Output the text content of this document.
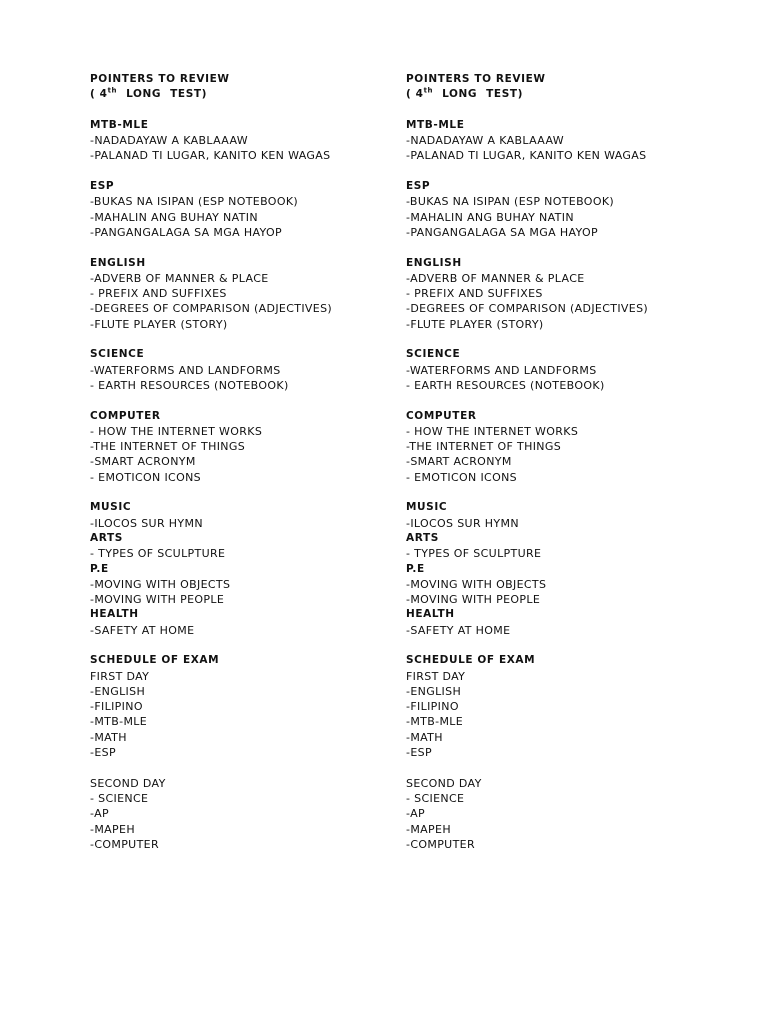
POINTERS TO REVIEW
( 4th LONG TEST)
MTB-MLE
-NADADAYAW A KABLAAAW
-PALANAD TI LUGAR, KANITO KEN WAGAS
ESP
-BUKAS NA ISIPAN (ESP NOTEBOOK)
-MAHALIN ANG BUHAY NATIN
-PANGANGALAGA SA MGA HAYOP
ENGLISH
-ADVERB OF MANNER & PLACE
- PREFIX AND SUFFIXES
-DEGREES OF COMPARISON (ADJECTIVES)
-FLUTE PLAYER (STORY)
SCIENCE
-WATERFORMS AND LANDFORMS
- EARTH RESOURCES (NOTEBOOK)
COMPUTER
- HOW THE INTERNET WORKS
-THE INTERNET OF THINGS
-SMART ACRONYM
- EMOTICON ICONS
MUSIC
-ILOCOS SUR HYMN
ARTS
- TYPES OF SCULPTURE
P.E
-MOVING WITH OBJECTS
-MOVING WITH PEOPLE
HEALTH
-SAFETY AT HOME
SCHEDULE OF EXAM
FIRST DAY
-ENGLISH
-FILIPINO
-MTB-MLE
-MATH
-ESP
SECOND DAY
- SCIENCE
-AP
-MAPEH
-COMPUTER
POINTERS TO REVIEW
( 4th LONG TEST)
MTB-MLE
-NADADAYAW A KABLAAAW
-PALANAD TI LUGAR, KANITO KEN WAGAS
ESP
-BUKAS NA ISIPAN (ESP NOTEBOOK)
-MAHALIN ANG BUHAY NATIN
-PANGANGALAGA SA MGA HAYOP
ENGLISH
-ADVERB OF MANNER & PLACE
- PREFIX AND SUFFIXES
-DEGREES OF COMPARISON (ADJECTIVES)
-FLUTE PLAYER (STORY)
SCIENCE
-WATERFORMS AND LANDFORMS
- EARTH RESOURCES (NOTEBOOK)
COMPUTER
- HOW THE INTERNET WORKS
-THE INTERNET OF THINGS
-SMART ACRONYM
- EMOTICON ICONS
MUSIC
-ILOCOS SUR HYMN
ARTS
- TYPES OF SCULPTURE
P.E
-MOVING WITH OBJECTS
-MOVING WITH PEOPLE
HEALTH
-SAFETY AT HOME
SCHEDULE OF EXAM
FIRST DAY
-ENGLISH
-FILIPINO
-MTB-MLE
-MATH
-ESP
SECOND DAY
- SCIENCE
-AP
-MAPEH
-COMPUTER
